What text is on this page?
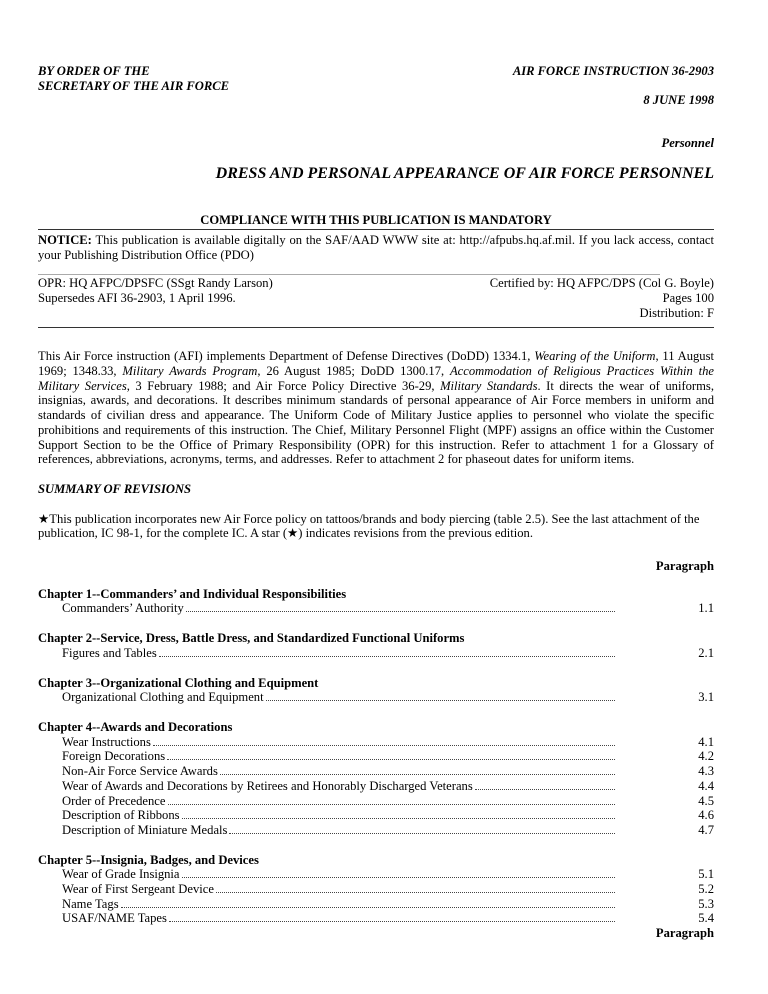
BY ORDER OF THE
SECRETARY OF THE AIR FORCE
AIR FORCE INSTRUCTION 36-2903
8 JUNE 1998
Personnel
DRESS AND PERSONAL APPEARANCE OF AIR FORCE PERSONNEL
COMPLIANCE WITH THIS PUBLICATION IS MANDATORY
NOTICE: This publication is available digitally on the SAF/AAD WWW site at: http://afpubs.hq.af.mil. If you lack access, contact your Publishing Distribution Office (PDO)
OPR: HQ AFPC/DPSFC (SSgt Randy Larson)
Supersedes AFI 36-2903, 1 April 1996.
Certified by: HQ AFPC/DPS (Col G. Boyle)
Pages 100
Distribution: F
This Air Force instruction (AFI) implements Department of Defense Directives (DoDD) 1334.1, Wearing of the Uniform, 11 August 1969; 1348.33, Military Awards Program, 26 August 1985; DoDD 1300.17, Accommodation of Religious Practices Within the Military Services, 3 February 1988; and Air Force Policy Directive 36-29, Military Standards. It directs the wear of uniforms, insignias, awards, and decorations. It describes minimum standards of personal appearance of Air Force members in uniform and standards of civilian dress and appearance. The Uniform Code of Military Justice applies to personnel who violate the specific prohibitions and requirements of this instruction. The Chief, Military Personnel Flight (MPF) assigns an office within the Customer Support Section to be the Office of Primary Responsibility (OPR) for this instruction. Refer to attachment 1 for a Glossary of references, abbreviations, acronyms, terms, and addresses. Refer to attachment 2 for phaseout dates for uniform items.
SUMMARY OF REVISIONS
★This publication incorporates new Air Force policy on tattoos/brands and body piercing (table 2.5). See the last attachment of the publication, IC 98-1, for the complete IC. A star (★) indicates revisions from the previous edition.
Paragraph
Chapter 1--Commanders’ and Individual Responsibilities
Commanders’ Authority	1.1
Chapter 2--Service, Dress, Battle Dress, and Standardized Functional Uniforms
Figures and Tables	2.1
Chapter 3--Organizational Clothing and Equipment
Organizational Clothing and Equipment	3.1
Chapter 4--Awards and Decorations
Wear Instructions	4.1
Foreign Decorations	4.2
Non-Air Force Service Awards	4.3
Wear of Awards and Decorations by Retirees and Honorably Discharged Veterans	4.4
Order of Precedence	4.5
Description of Ribbons	4.6
Description of Miniature Medals	4.7
Chapter 5--Insignia, Badges, and Devices
Wear of Grade Insignia	5.1
Wear of First Sergeant Device	5.2
Name Tags	5.3
USAF/NAME Tapes	5.4
Paragraph
